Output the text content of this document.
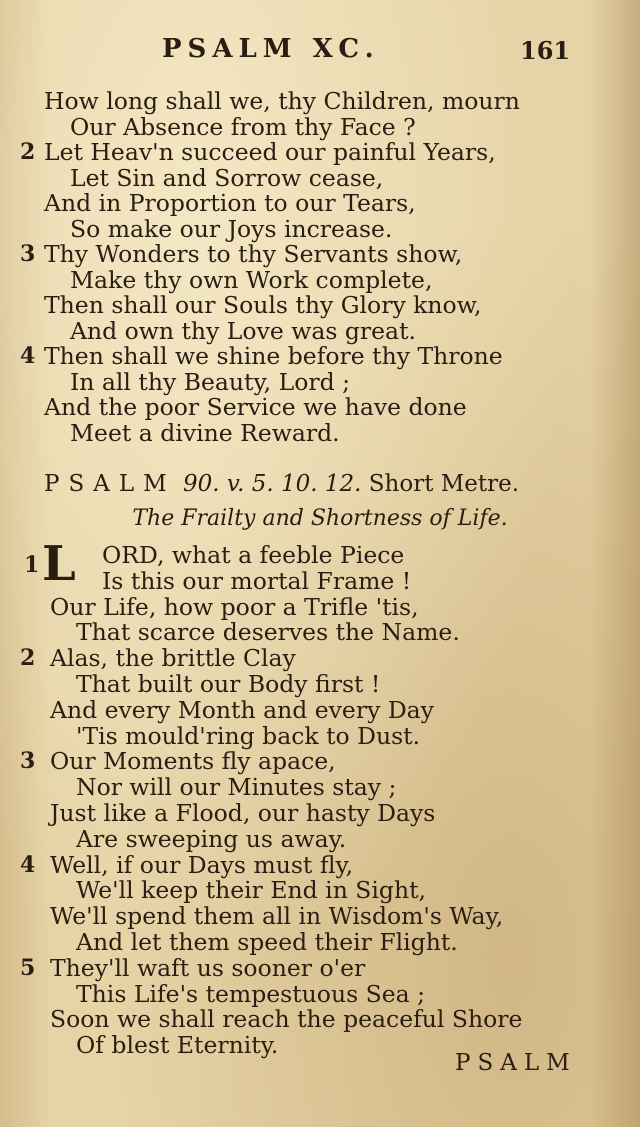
PSALM XC.	161
How long shall we, thy Children, mourn
Our Absence from thy Face ?
2 Let Heav'n succeed our painful Years,
Let Sin and Sorrow cease,
And in Proportion to our Tears,
So make our Joys increase.
3 Thy Wonders to thy Servants show,
Make thy own Work complete,
Then shall our Souls thy Glory know,
And own thy Love was great.
4 Then shall we shine before thy Throne
In all thy Beauty, Lord ;
And the poor Service we have done
Meet a divine Reward.
PSALM 90. v. 5. 10. 12. Short Metre.
The Frailty and Shortness of Life.
1 L ORD, what a feeble Piece
Is this our mortal Frame !
Our Life, how poor a Trifle 'tis,
That scarce deserves the Name.
2 Alas, the brittle Clay
That built our Body first !
And every Month and every Day
'Tis mould'ring back to Dust.
3 Our Moments fly apace,
Nor will our Minutes stay ;
Just like a Flood, our hasty Days
Are sweeping us away.
4 Well, if our Days must fly,
We'll keep their End in Sight,
We'll spend them all in Wisdom's Way,
And let them speed their Flight.
5 They'll waft us sooner o'er
This Life's tempestuous Sea ;
Soon we shall reach the peaceful Shore
Of blest Eternity.
PSALM
